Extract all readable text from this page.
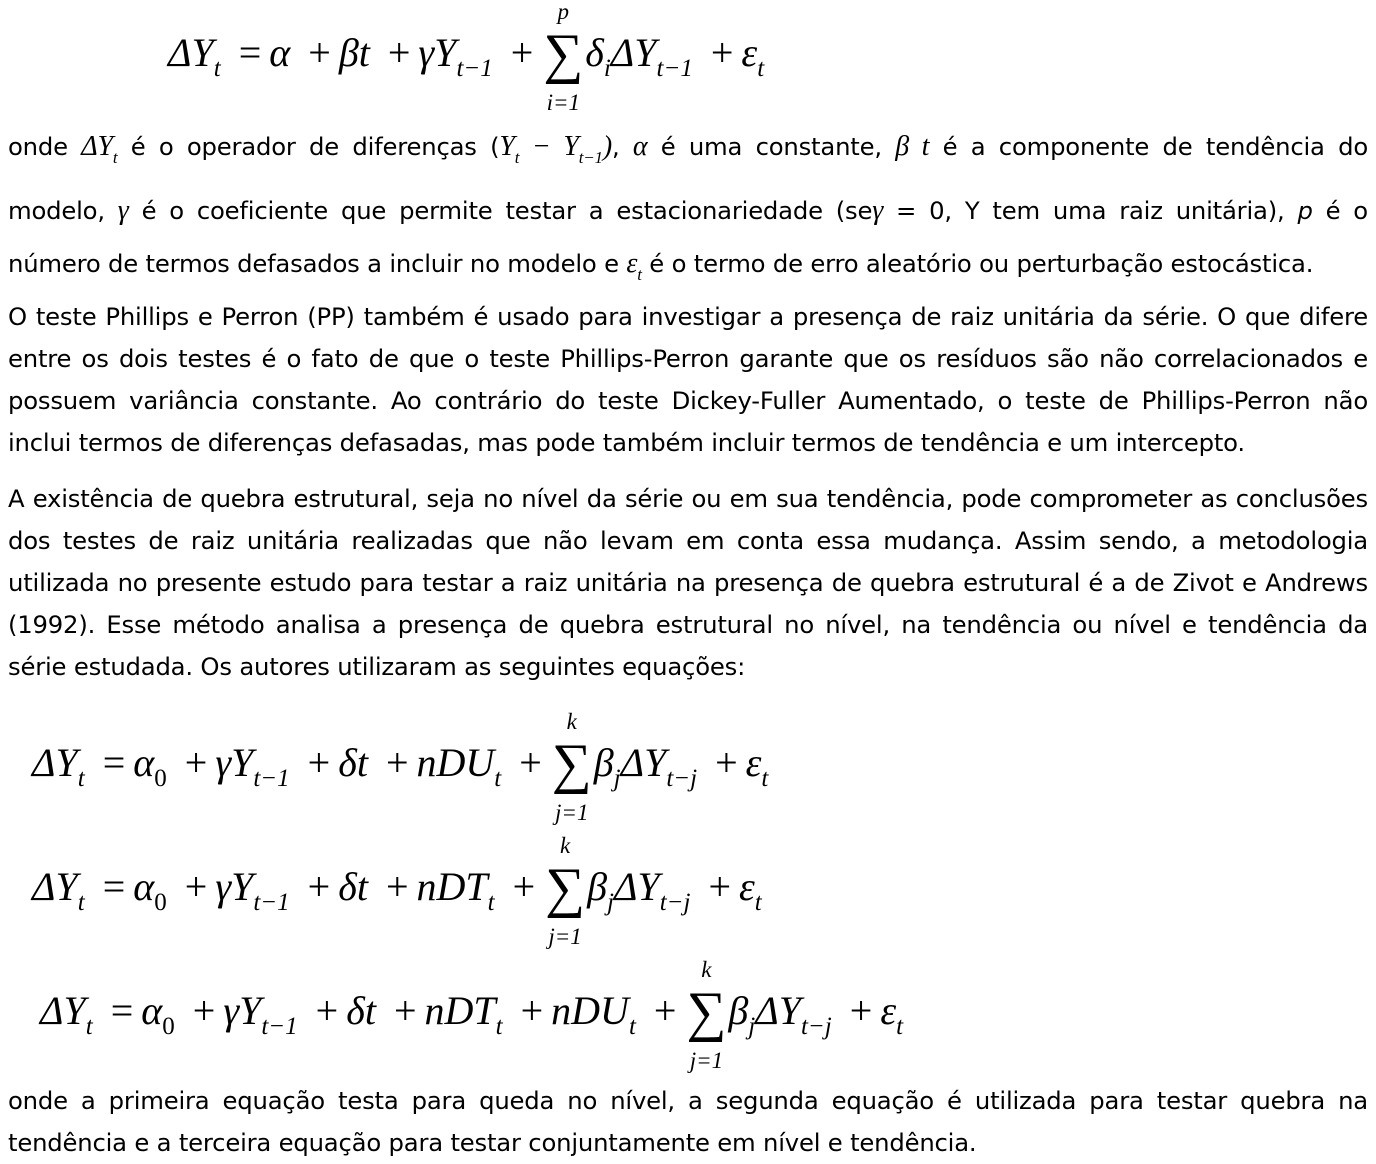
$\Delta Y_t = \alpha + \beta t + \gamma Y_{t-1}$ + ∑
p
i=1
$\delta_i\Delta Y_{t-1} + \varepsilon_t$
onde $\Delta Y_t$ é o operador de diferenças $(Y_t - Y_{t-1})$, α é uma constante, β t é a componente de tendência do
modelo, γ é o coeficiente que permite testar a estacionariedade (seγ = 0, Y tem uma raiz unitária), p é o
número de termos defasados a incluir no modelo e $\varepsilon_t$ é o termo de erro aleatório ou perturbação estocástica.
O teste Phillips e Perron (PP) também é usado para investigar a presença de raiz unitária da série. O que difere
entre os dois testes é o fato de que o teste Phillips-Perron garante que os resíduos são não correlacionados e
possuem variância constante. Ao contrário do teste Dickey-Fuller Aumentado, o teste de Phillips-Perron não
inclui termos de diferenças defasadas, mas pode também incluir termos de tendência e um intercepto.
A existência de quebra estrutural, seja no nível da série ou em sua tendência, pode comprometer as conclusões
dos testes de raiz unitária realizadas que não levam em conta essa mudança. Assim sendo, a metodologia
utilizada no presente estudo para testar a raiz unitária na presença de quebra estrutural é a de Zivot e Andrews
(1992). Esse método analisa a presença de quebra estrutural no nível, na tendência ou nível e tendência da
série estudada. Os autores utilizaram as seguintes equações:
$\Delta Y_t = \alpha_0 + \gamma Y_{t-1} + \delta t + nDU_t$ + ∑
k
j=1
$\beta_j\Delta Y_{t-j} + \varepsilon_t$
$\Delta Y_t = \alpha_0 + \gamma Y_{t-1} + \delta t + nDT_t$ + ∑
k
j=1
$\beta_j\Delta Y_{t-j} + \varepsilon_t$
$\Delta Y_t = \alpha_0 + \gamma Y_{t-1} + \delta t + nDT_t + nDU_t$ + ∑
k
j=1
$\beta_j\Delta Y_{t-j} + \varepsilon_t$
onde a primeira equação testa para queda no nível, a segunda equação é utilizada para testar quebra na
tendência e a terceira equação para testar conjuntamente em nível e tendência.
